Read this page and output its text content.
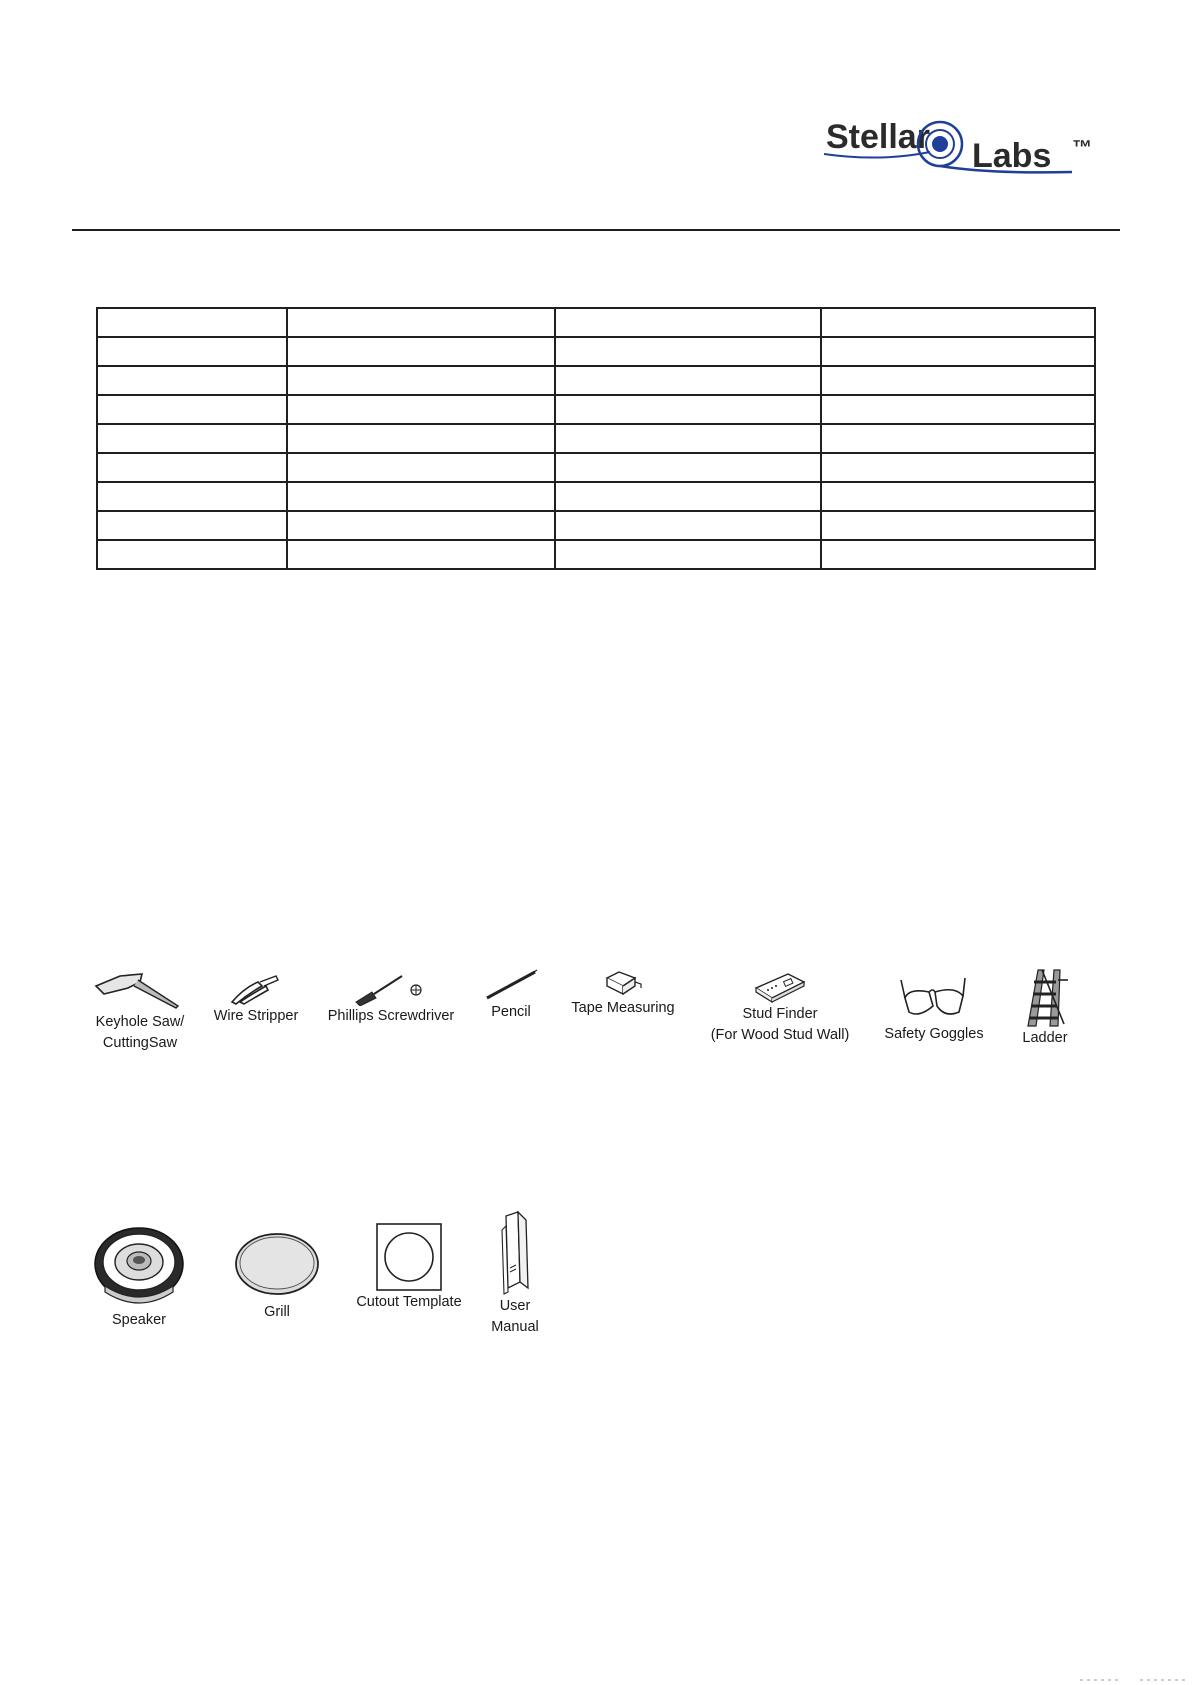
Stellar Labs ™

Keyhole Saw/
CuttingSaw
Wire Stripper	Phillips Screwdriver	Pencil	Tape Measuring	Stud Finder
(For Wood Stud Wall)	Safety Goggles	Ladder
Speaker	Grill
Cutout Template	User Manual
